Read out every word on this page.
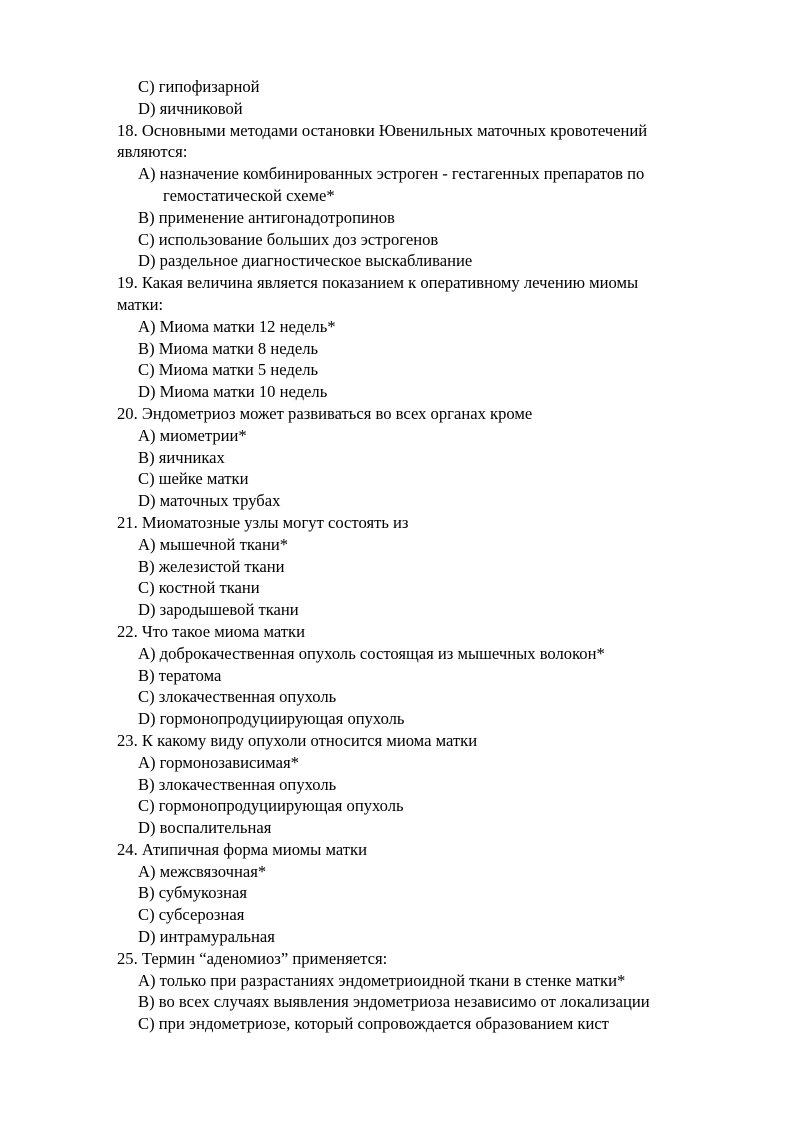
C) гипофизарной
D) яичниковой
18. Основными методами остановки Ювенильных маточных кровотечений
являются:
A) назначение комбинированных эстроген - гестагенных препаратов по
гемостатической схеме*
B) применение антигонадотропинов
C) использование больших доз эстрогенов
D) раздельное диагностическое выскабливание
19. Какая величина является показанием к оперативному лечению миомы
матки:
A) Миома матки 12 недель*
B) Миома матки 8 недель
C) Миома матки 5 недель
D) Миома матки 10 недель
20. Эндометриоз может развиваться во всех органах кроме
A) миометрии*
B) яичниках
C) шейке матки
D) маточных трубах
21. Миоматозные узлы могут состоять из
A) мышечной ткани*
B) железистой ткани
C) костной ткани
D) зародышевой ткани
22. Что такое миома матки
A) доброкачественная опухоль состоящая из мышечных волокон*
B) тератома
C) злокачественная опухоль
D) гормонопродуциирующая опухоль
23. К какому виду опухоли относится миома матки
A) гормонозависимая*
B) злокачественная опухоль
C) гормонопродуциирующая опухоль
D) воспалительная
24. Атипичная форма миомы матки
A) межсвязочная*
B) субмукозная
C) субсерозная
D) интрамуральная
25. Термин “аденомиоз” применяется:
A) только при разрастаниях эндометриоидной ткани в стенке матки*
B) во всех случаях выявления эндометриоза независимо от локализации
C) при эндометриозе, который сопровождается образованием кист
